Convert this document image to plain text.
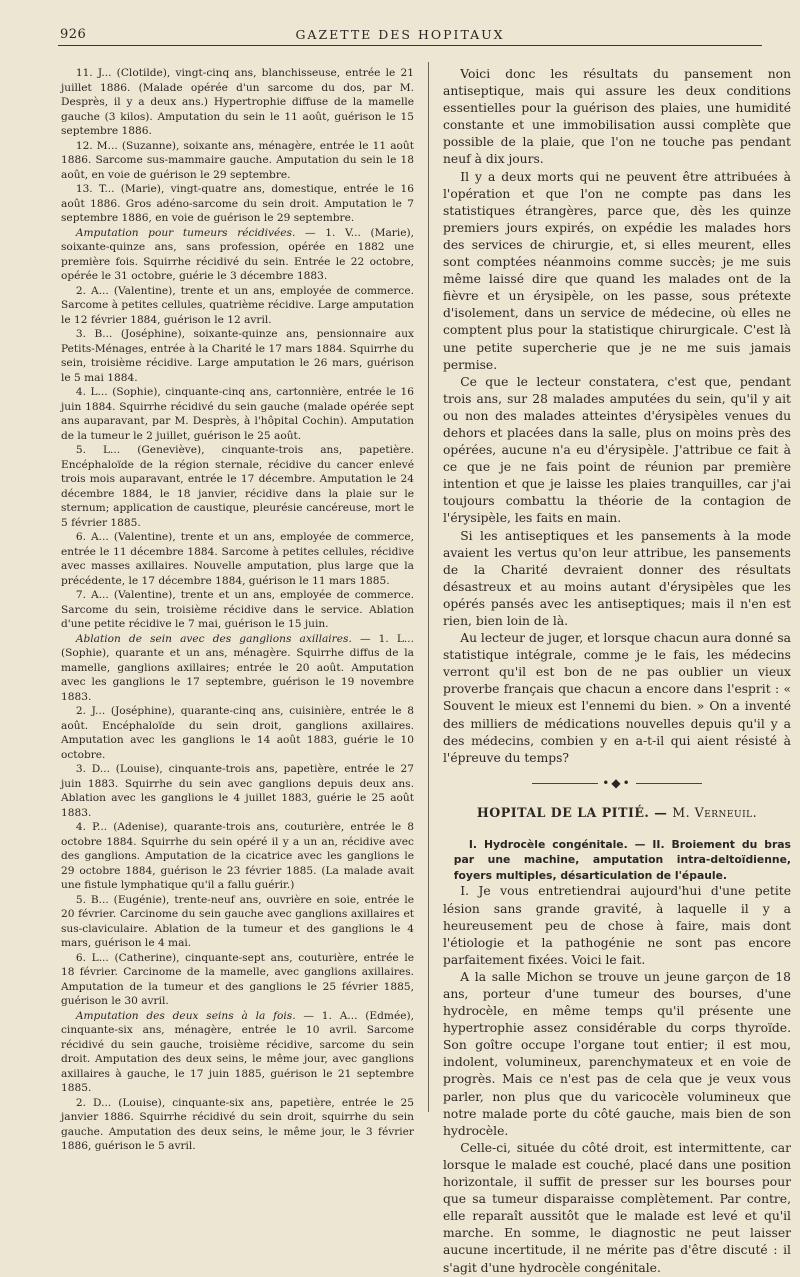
926	GAZETTE DES HOPITAUX

11. J... (Clotilde), vingt-cinq ans, blanchisseuse, entrée le 21 juillet 1886. (Malade opérée d'un sarcome du dos, par M. Desprès, il y a deux ans.) Hypertrophie diffuse de la mamelle gauche (3 kilos). Amputation du sein le 11 août, guérison le 15 septembre 1886.

12. M... (Suzanne), soixante ans, ménagère, entrée le 11 août 1886. Sarcome sus-mammaire gauche. Amputation du sein le 18 août, en voie de guérison le 29 septembre.

13. T... (Marie), vingt-quatre ans, domestique, entrée le 16 août 1886. Gros adéno-sarcome du sein droit. Amputation le 7 septembre 1886, en voie de guérison le 29 septembre.

Amputation pour tumeurs récidivées. — 1. V... (Marie), soixante-quinze ans, sans profession, opérée en 1882 une première fois. Squirrhe récidivé du sein. Entrée le 22 octobre, opérée le 31 octobre, guérie le 3 décembre 1883.

2. A... (Valentine), trente et un ans, employée de commerce. Sarcome à petites cellules, quatrième récidive. Large amputation le 12 février 1884, guérison le 12 avril.

3. B... (Joséphine), soixante-quinze ans, pensionnaire aux Petits-Ménages, entrée à la Charité le 17 mars 1884. Squirrhe du sein, troisième récidive. Large amputation le 26 mars, guérison le 5 mai 1884.

4. L... (Sophie), cinquante-cinq ans, cartonnière, entrée le 16 juin 1884. Squirrhe récidivé du sein gauche (malade opérée sept ans auparavant, par M. Desprès, à l'hôpital Cochin). Amputation de la tumeur le 2 juillet, guérison le 25 août.

5. L... (Geneviève), cinquante-trois ans, papetière. Encéphaloïde de la région sternale, récidive du cancer enlevé trois mois auparavant, entrée le 17 décembre. Amputation le 24 décembre 1884, le 18 janvier, récidive dans la plaie sur le sternum; application de caustique, pleurésie cancéreuse, mort le 5 février 1885.

6. A... (Valentine), trente et un ans, employée de commerce, entrée le 11 décembre 1884. Sarcome à petites cellules, récidive avec masses axillaires. Nouvelle amputation, plus large que la précédente, le 17 décembre 1884, guérison le 11 mars 1885.

7. A... (Valentine), trente et un ans, employée de commerce. Sarcome du sein, troisième récidive dans le service. Ablation d'une petite récidive le 7 mai, guérison le 15 juin.

Ablation de sein avec des ganglions axillaires. — 1. L... (Sophie), quarante et un ans, ménagère. Squirrhe diffus de la mamelle, ganglions axillaires; entrée le 20 août. Amputation avec les ganglions le 17 septembre, guérison le 19 novembre 1883.

2. J... (Joséphine), quarante-cinq ans, cuisinière, entrée le 8 août. Encéphaloïde du sein droit, ganglions axillaires. Amputation avec les ganglions le 14 août 1883, guérie le 10 octobre.

3. D... (Louise), cinquante-trois ans, papetière, entrée le 27 juin 1883. Squirrhe du sein avec ganglions depuis deux ans. Ablation avec les ganglions le 4 juillet 1883, guérie le 25 août 1883.

4. P... (Adenise), quarante-trois ans, couturière, entrée le 8 octobre 1884. Squirrhe du sein opéré il y a un an, récidive avec des ganglions. Amputation de la cicatrice avec les ganglions le 29 octobre 1884, guérison le 23 février 1885. (La malade avait une fistule lymphatique qu'il a fallu guérir.)

5. B... (Eugénie), trente-neuf ans, ouvrière en soie, entrée le 20 février. Carcinome du sein gauche avec ganglions axillaires et sus-claviculaire. Ablation de la tumeur et des ganglions le 4 mars, guérison le 4 mai.

6. L... (Catherine), cinquante-sept ans, couturière, entrée le 18 février. Carcinome de la mamelle, avec ganglions axillaires. Amputation de la tumeur et des ganglions le 25 février 1885, guérison le 30 avril.

Amputation des deux seins à la fois. — 1. A... (Edmée), cinquante-six ans, ménagère, entrée le 10 avril. Sarcome récidivé du sein gauche, troisième récidive, sarcome du sein droit. Amputation des deux seins, le même jour, avec ganglions axillaires à gauche, le 17 juin 1885, guérison le 21 septembre 1885.

2. D... (Louise), cinquante-six ans, papetière, entrée le 25 janvier 1886. Squirrhe récidivé du sein droit, squirrhe du sein gauche. Amputation des deux seins, le même jour, le 3 février 1886, guérison le 5 avril.

Voici donc les résultats du pansement non antiseptique, mais qui assure les deux conditions essentielles pour la guérison des plaies, une humidité constante et une immobilisation aussi complète que possible de la plaie, que l'on ne touche pas pendant neuf à dix jours.

Il y a deux morts qui ne peuvent être attribuées à l'opération et que l'on ne compte pas dans les statistiques étrangères, parce que, dès les quinze premiers jours expirés, on expédie les malades hors des services de chirurgie, et, si elles meurent, elles sont comptées néanmoins comme succès; je me suis même laissé dire que quand les malades ont de la fièvre et un érysipèle, on les passe, sous prétexte d'isolement, dans un service de médecine, où elles ne comptent plus pour la statistique chirurgicale. C'est là une petite supercherie que je ne me suis jamais permise.

Ce que le lecteur constatera, c'est que, pendant trois ans, sur 28 malades amputées du sein, qu'il y ait ou non des malades atteintes d'érysipèles venues du dehors et placées dans la salle, plus on moins près des opérées, aucune n'a eu d'érysipèle. J'attribue ce fait à ce que je ne fais point de réunion par première intention et que je laisse les plaies tranquilles, car j'ai toujours combattu la théorie de la contagion de l'érysipèle, les faits en main.

Si les antiseptiques et les pansements à la mode avaient les vertus qu'on leur attribue, les pansements de la Charité devraient donner des résultats désastreux et au moins autant d'érysipèles que les opérés pansés avec les antiseptiques; mais il n'en est rien, bien loin de là.

Au lecteur de juger, et lorsque chacun aura donné sa statistique intégrale, comme je le fais, les médecins verront qu'il est bon de ne pas oublier un vieux proverbe français que chacun a encore dans l'esprit : « Souvent le mieux est l'ennemi du bien. » On a inventé des milliers de médications nouvelles depuis qu'il y a des médecins, combien y en a-t-il qui aient résisté à l'épreuve du temps?

•◆•
HOPITAL DE LA PITIÉ. — M. Verneuil.

I. Hydrocèle congénitale. — II. Broiement du bras par une machine, amputation intra-deltoïdienne, foyers multiples, désarticulation de l'épaule.

I. Je vous entretiendrai aujourd'hui d'une petite lésion sans grande gravité, à laquelle il y a heureusement peu de chose à faire, mais dont l'étiologie et la pathogénie ne sont pas encore parfaitement fixées. Voici le fait.

A la salle Michon se trouve un jeune garçon de 18 ans, porteur d'une tumeur des bourses, d'une hydrocèle, en même temps qu'il présente une hypertrophie assez considérable du corps thyroïde. Son goître occupe l'organe tout entier; il est mou, indolent, volumineux, parenchymateux et en voie de progrès. Mais ce n'est pas de cela que je veux vous parler, non plus que du varicocèle volumineux que notre malade porte du côté gauche, mais bien de son hydrocèle.

Celle-ci, située du côté droit, est intermittente, car lorsque le malade est couché, placé dans une position horizontale, il suffit de presser sur les bourses pour que sa tumeur disparaisse complètement. Par contre, elle reparaît aussitôt que le malade est levé et qu'il marche. En somme, le diagnostic ne peut laisser aucune incertitude, il ne mérite pas d'être discuté : il s'agit d'une hydrocèle congénitale.
